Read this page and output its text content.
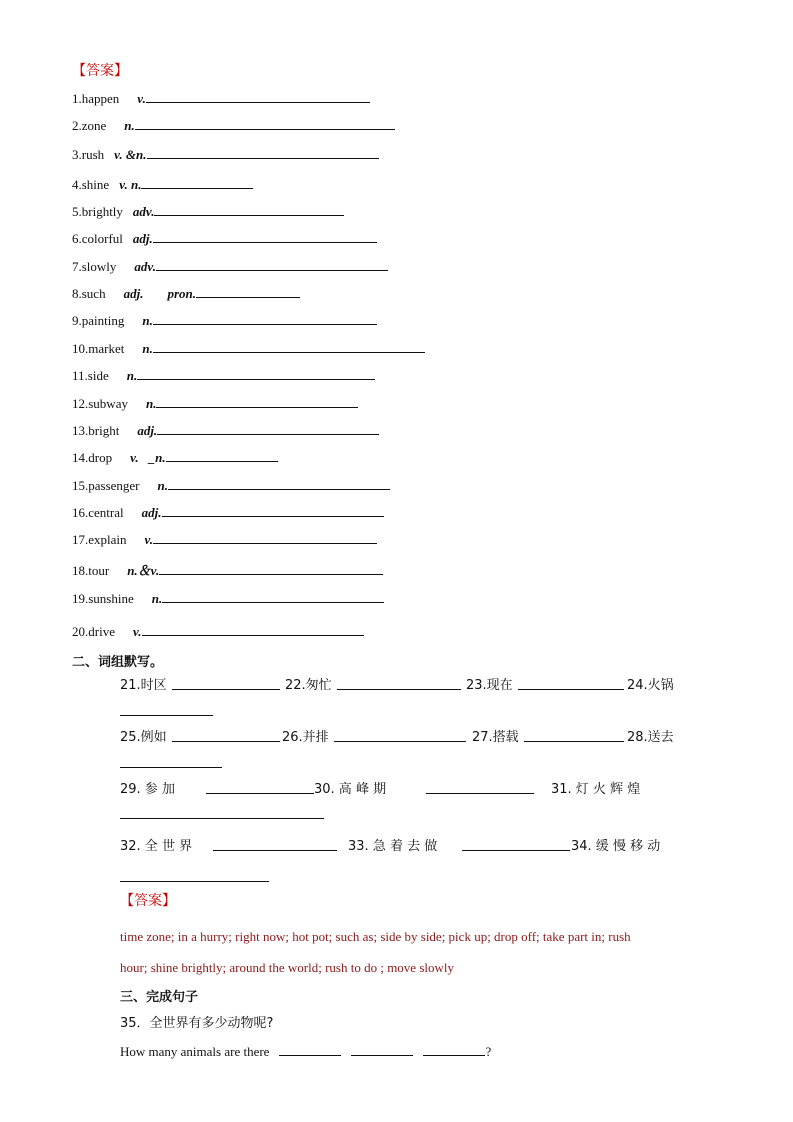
【答案】
1.happen v.
2.zone n.
3.rush v. &n.
4.shine v. n.
5.brightly adv.
6.colorful adj.
7.slowly adv.
8.such adj. pron.
9.painting n.
10.market n.
11.side n.
12.subway n.
13.bright adj.
14.drop v. _n.
15.passenger n.
16.central adj.
17.explain v.
18.tour n.＆v.
19.sunshine n.
20.drive v.
二、词组默写。
21.时区	22.匆忙	23.现在	24.火锅
25.例如	26.并排	27.搭载	28.送去
29. 参 加	30. 高 峰 期	31. 灯 火 辉 煌
32. 全 世 界	33. 急 着 去 做	34. 缓 慢 移 动
【答案】
time zone; in a hurry; right now; hot pot; such as; side by side; pick up; drop off; take part in; rush
hour; shine brightly; around the world; rush to do ; move slowly
三、完成句子
35．全世界有多少动物呢?
How many animals are there	?
